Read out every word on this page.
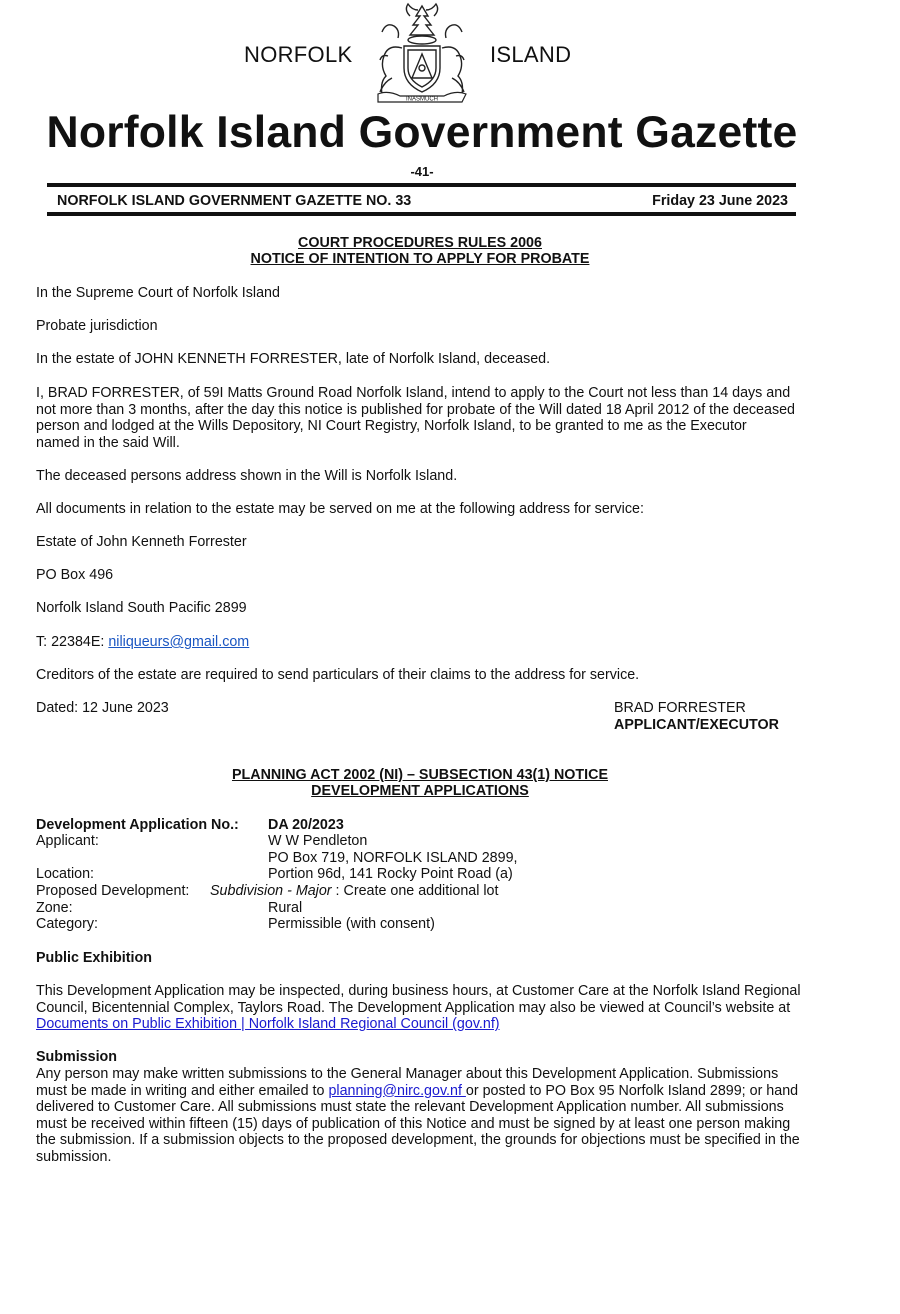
NORFOLK	ISLAND
INASMUCH
Norfolk Island Government Gazette
-41-
NORFOLK ISLAND GOVERNMENT GAZETTE NO. 33	Friday 23 June 2023
COURT PROCEDURES RULES 2006
NOTICE OF INTENTION TO APPLY FOR PROBATE

In the Supreme Court of Norfolk Island

Probate jurisdiction

In the estate of JOHN KENNETH FORRESTER, late of Norfolk Island, deceased.

I, BRAD FORRESTER, of 59I Matts Ground Road Norfolk Island, intend to apply to the Court not less than 14 days and
not more than 3 months, after the day this notice is published for probate of the Will dated 18 April 2012 of the deceased
person and lodged at the Wills Depository, NI Court Registry, Norfolk Island, to be granted to me as the Executor
named in the said Will.

The deceased persons address shown in the Will is Norfolk Island.

All documents in relation to the estate may be served on me at the following address for service:

Estate of John Kenneth Forrester

PO Box 496

Norfolk Island South Pacific 2899

T: 22384E: niliqueurs@gmail.com

Creditors of the estate are required to send particulars of their claims to the address for service.

Dated: 12 June 2023	BRAD FORRESTER
APPLICANT/EXECUTOR
PLANNING ACT 2002 (NI) – SUBSECTION 43(1) NOTICE
DEVELOPMENT APPLICATIONS
Development Application No.: DA 20/2023
Applicant:	W W Pendleton
PO Box 719, NORFOLK ISLAND 2899,
Location:	Portion 96d, 141 Rocky Point Road (a)
Proposed Development: Subdivision - Major : Create one additional lot
Zone:	Rural
Category:	Permissible (with consent)

Public Exhibition

This Development Application may be inspected, during business hours, at Customer Care at the Norfolk Island Regional
Council, Bicentennial Complex, Taylors Road. The Development Application may also be viewed at Council’s website at
Documents on Public Exhibition | Norfolk Island Regional Council (gov.nf)

Submission

Any person may make written submissions to the General Manager about this Development Application. Submissions
must be made in writing and either emailed to planning@nirc.gov.nf or posted to PO Box 95 Norfolk Island 2899; or hand
delivered to Customer Care. All submissions must state the relevant Development Application number. All submissions
must be received within fifteen (15) days of publication of this Notice and must be signed by at least one person making
the submission. If a submission objects to the proposed development, the grounds for objections must be specified in the
submission.
